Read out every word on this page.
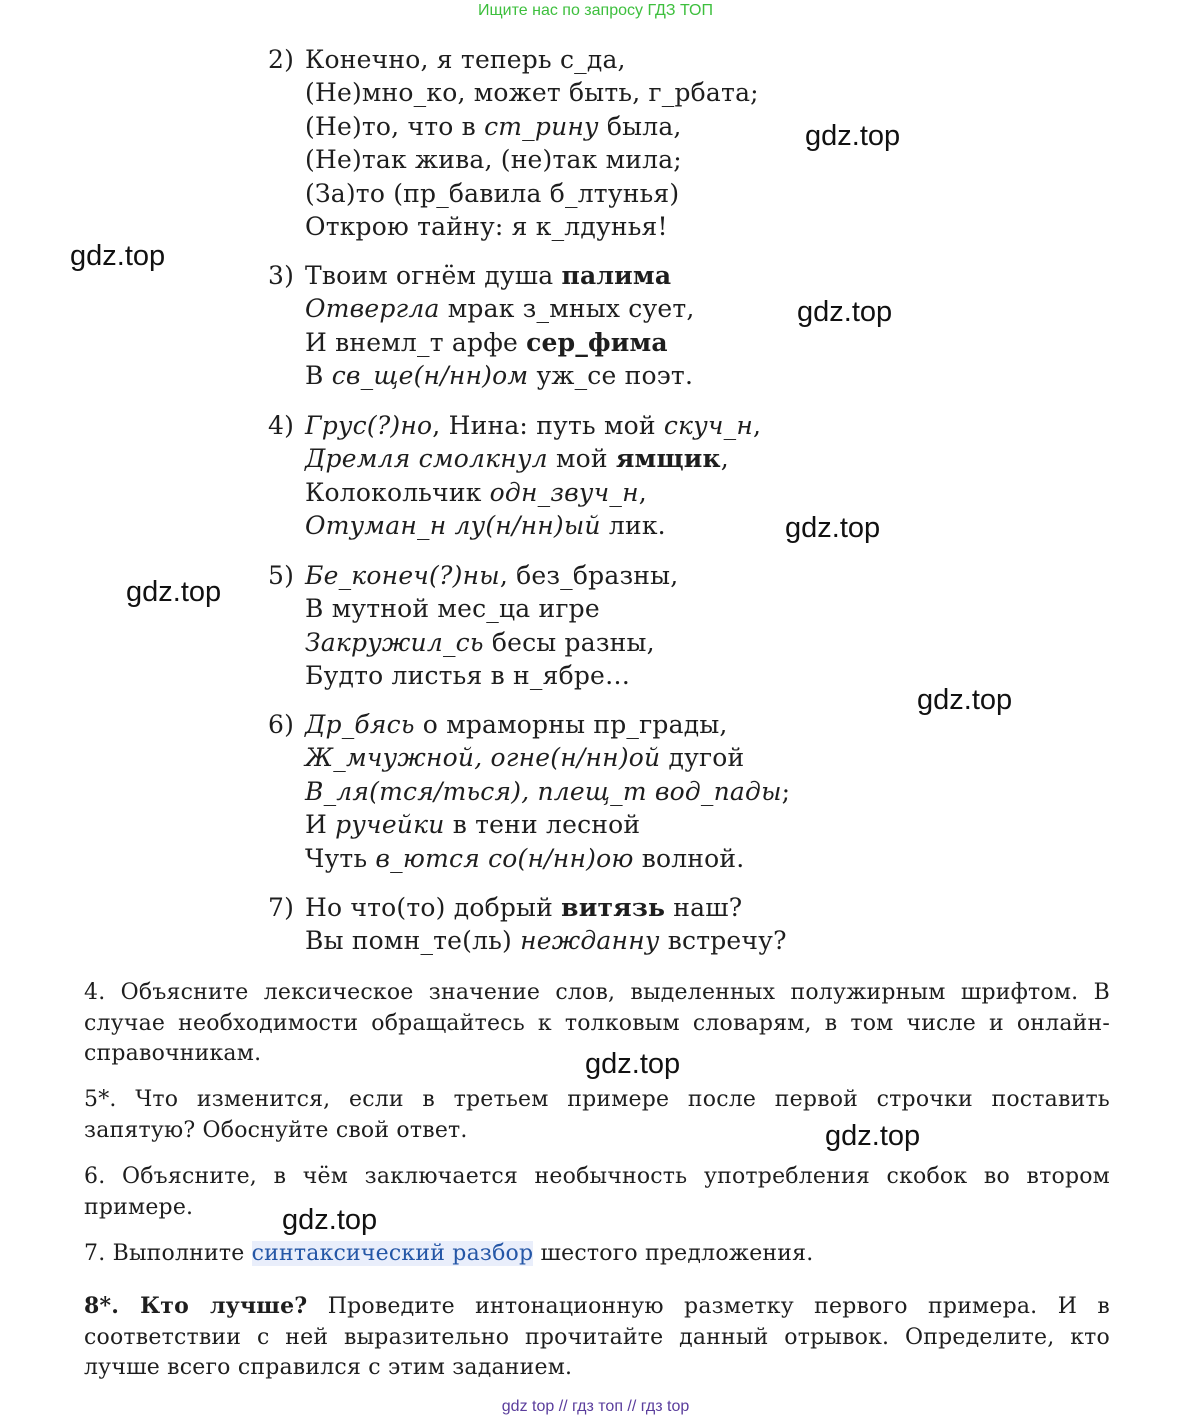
Ищите нас по запросу ГДЗ ТОП
2) Конечно, я теперь с_да,
(Не)мно_ко, может быть, г_рбата;
(Не)то, что в ст_рину была,
(Не)так жива, (не)так мила;
(За)то (пр_бавила б_лтунья)
Открою тайну: я к_лдунья!
3) Твоим огнём душа палима
Отвергла мрак з_мных сует,
И внемл_т арфе сер_фима
В св_ще(н/нн)ом уж_се поэт.
4) Грус(?)но, Нина: путь мой скуч_н,
Дремля смолкнул мой ямщик,
Колокольчик одн_звуч_н,
Отуман_н лу(н/нн)ый лик.
5) Бе_конеч(?)ны, без_бразны,
В мутной мес_ца игре
Закружил_сь бесы разны,
Будто листья в н_ябре…
6) Др_бясь о мраморны пр_грады,
Ж_мчужной, огне(н/нн)ой дугой
В_ля(тся/ться), плещ_т вод_пады;
И ручейки в тени лесной
Чуть в_ются со(н/нн)ою волной.
7) Но что(то) добрый витязь наш?
Вы помн_те(ль) нежданну встречу?
4. Объясните лексическое значение слов, выделенных полужирным шрифтом. В случае необходимости обращайтесь к толковым словарям, в том числе и онлайн-справочникам.
5*. Что изменится, если в третьем примере после первой строчки поставить запятую? Обоснуйте свой ответ.
6. Объясните, в чём заключается необычность употребления скобок во втором примере.
7. Выполните синтаксический разбор шестого предложения.
8*. Кто лучше? Проведите интонационную разметку первого примера. И в соответствии с ней выразительно прочитайте данный отрывок. Определите, кто лучше всего справился с этим заданием.
gdz.top
gdz.top
gdz.top
gdz.top
gdz.top
gdz.top
gdz.top
gdz.top
gdz.top
gdz top // гдз топ // гдз top
